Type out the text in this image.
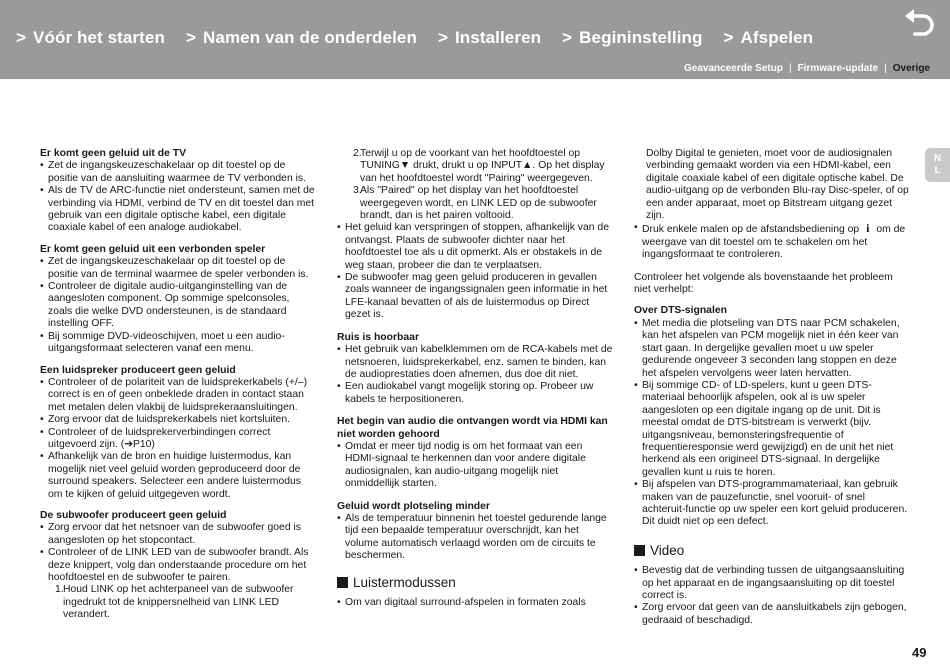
> Vóór het starten > Namen van de onderdelen > Installeren > Begininstelling > Afspelen
Geavanceerde Setup | Firmware-update | Overige
N
L
Er komt geen geluid uit de TV
• Zet de ingangskeuzeschakelaar op dit toestel op de positie van de aansluiting waarmee de TV verbonden is.
• Als de TV de ARC-functie niet ondersteunt, samen met de verbinding via HDMI, verbind de TV en dit toestel dan met gebruik van een digitale optische kabel, een digitale coaxiale kabel of een analoge audiokabel.
Er komt geen geluid uit een verbonden speler
• Zet de ingangskeuzeschakelaar op dit toestel op de positie van de terminal waarmee de speler verbonden is.
• Controleer de digitale audio-uitganginstelling van de aangesloten component. Op sommige spelconsoles, zoals die welke DVD ondersteunen, is de standaard instelling OFF.
• Bij sommige DVD-videoschijven, moet u een audio-uitgangsformaat selecteren vanaf een menu.
Een luidspreker produceert geen geluid
• Controleer of de polariteit van de luidsprekerkabels (+/–) correct is en of geen onbeklede draden in contact staan met metalen delen vlakbij de luidsprekeraansluitingen.
• Zorg ervoor dat de luidsprekerkabels niet kortsluiten.
• Controleer of de luidsprekerverbindingen correct uitgevoerd zijn. (➔P10)
• Afhankelijk van de bron en huidige luistermodus, kan mogelijk niet veel geluid worden geproduceerd door de surround speakers. Selecteer een andere luistermodus om te kijken of geluid uitgegeven wordt.
De subwoofer produceert geen geluid
• Zorg ervoor dat het netsnoer van de subwoofer goed is aangesloten op het stopcontact.
• Controleer of de LINK LED van de subwoofer brandt. Als deze knippert, volg dan onderstaande procedure om het hoofdtoestel en de subwoofer te pairen.
1. Houd LINK op het achterpaneel van de subwoofer ingedrukt tot de knippersnelheid van LINK LED verandert.
2.
Terwijl u op de voorkant van het hoofdtoestel op TUNING▼ drukt, drukt u op INPUT▲. Op het display van het hoofdtoestel wordt "Pairing" weergegeven.
3.
Als "Paired" op het display van het hoofdtoestel weergegeven wordt, en LINK LED op de subwoofer brandt, dan is het pairen voltooid.
• Het geluid kan verspringen of stoppen, afhankelijk van de ontvangst. Plaats de subwoofer dichter naar het hoofdtoestel toe als u dit opmerkt. Als er obstakels in de weg staan, probeer die dan te verplaatsen.
• De subwoofer mag geen geluid produceren in gevallen zoals wanneer de ingangssignalen geen informatie in het LFE-kanaal bevatten of als de luistermodus op Direct gezet is.
Ruis is hoorbaar
• Het gebruik van kabelklemmen om de RCA-kabels met de netsnoeren, luidsprekerkabel, enz. samen te binden, kan de audioprestaties doen afnemen, dus doe dit niet.
• Een audiokabel vangt mogelijk storing op. Probeer uw kabels te herpositioneren.
Het begin van audio die ontvangen wordt via HDMI kan niet worden gehoord
• Omdat er meer tijd nodig is om het formaat van een HDMI-signaal te herkennen dan voor andere digitale audiosignalen, kan audio-uitgang mogelijk niet onmiddellijk starten.
Geluid wordt plotseling minder
• Als de temperatuur binnenin het toestel gedurende lange tijd een bepaalde temperatuur overschrijdt, kan het volume automatisch verlaagd worden om de circuits te beschermen.
Luistermodussen
• Om van digitaal surround-afspelen in formaten zoals
Dolby Digital te genieten, moet voor de audiosignalen verbinding gemaakt worden via een HDMI-kabel, een digitale coaxiale kabel of een digitale optische kabel. De audio-uitgang op de verbonden Blu-ray Disc-speler, of op een ander apparaat, moet op Bitstream uitgang gezet zijn.
• Druk enkele malen op de afstandsbediening op i om de weergave van dit toestel om te schakelen om het ingangsformaat te controleren.
Controleer het volgende als bovenstaande het probleem niet verhelpt:
Over DTS-signalen
• Met media die plotseling van DTS naar PCM schakelen, kan het afspelen van PCM mogelijk niet in één keer van start gaan. In dergelijke gevallen moet u uw speler gedurende ongeveer 3 seconden lang stoppen en deze het afspelen vervolgens weer laten hervatten.
• Bij sommige CD- of LD-spelers, kunt u geen DTS-materiaal behoorlijk afspelen, ook al is uw speler aangesloten op een digitale ingang op de unit. Dit is meestal omdat de DTS-bitstream is verwerkt (bijv. uitgangsniveau, bemonsteringsfrequentie of frequentieresponsie werd gewijzigd) en de unit het niet herkend als een origineel DTS-signaal. In dergelijke gevallen kunt u ruis te horen.
• Bij afspelen van DTS-programmamateriaal, kan gebruik maken van de pauzefunctie, snel vooruit- of snel achteruit-functie op uw speler een kort geluid produceren. Dit duidt niet op een defect.
Video
• Bevestig dat de verbinding tussen de uitgangsaansluiting op het apparaat en de ingangsaansluiting op dit toestel correct is.
• Zorg ervoor dat geen van de aansluitkabels zijn gebogen, gedraaid of beschadigd.
49
